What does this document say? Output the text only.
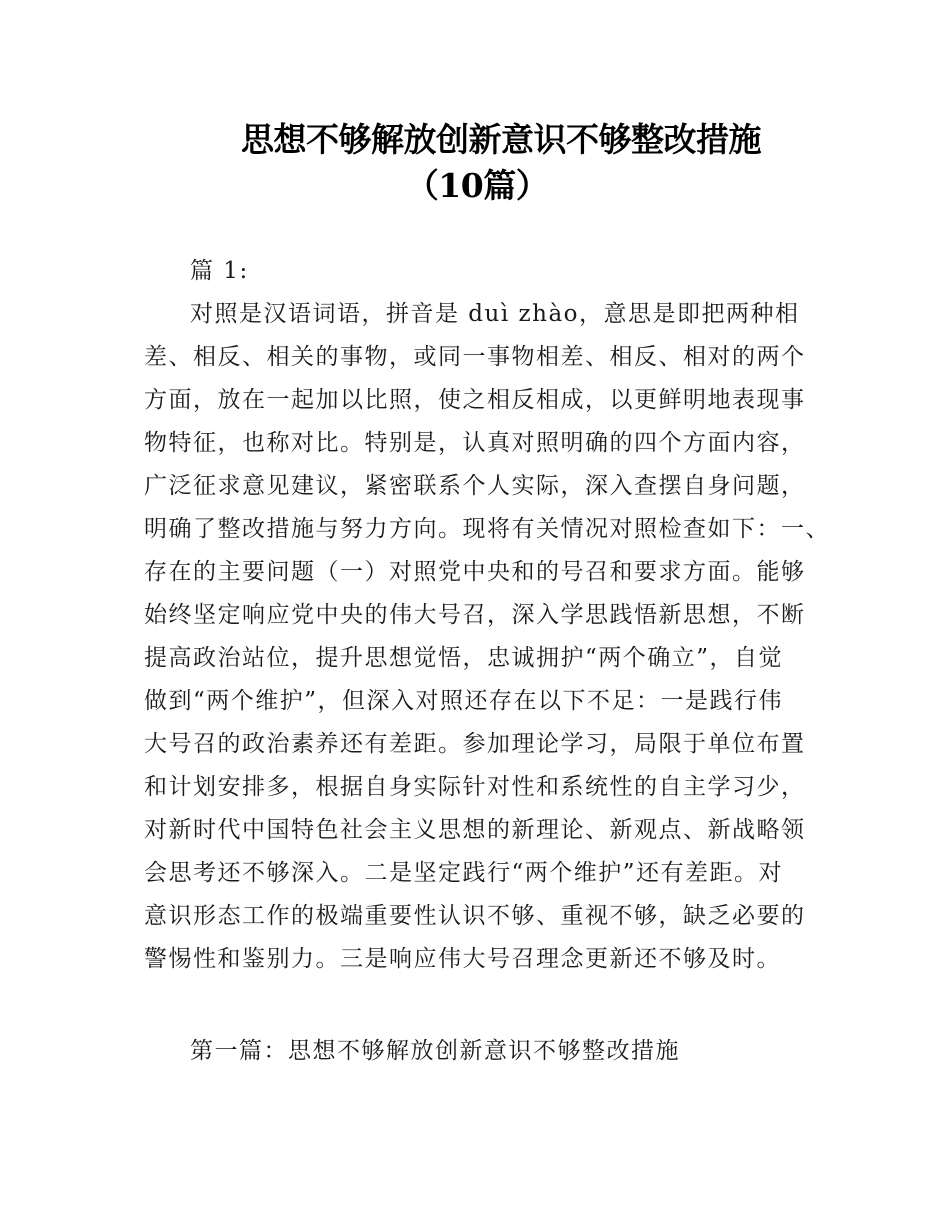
思想不够解放创新意识不够整改措施
（10篇）
篇 1:
对照是汉语词语，拼音是 duì zhào，意思是即把两种相
差、相反、相关的事物，或同一事物相差、相反、相对的两个
方面，放在一起加以比照，使之相反相成，以更鲜明地表现事
物特征，也称对比。特别是，认真对照明确的四个方面内容，
广泛征求意见建议，紧密联系个人实际，深入查摆自身问题，
明确了整改措施与努力方向。现将有关情况对照检查如下：一、
存在的主要问题（一）对照党中央和的号召和要求方面。能够
始终坚定响应党中央的伟大号召，深入学思践悟新思想，不断
提高政治站位，提升思想觉悟，忠诚拥护“两个确立”，自觉
做到“两个维护”，但深入对照还存在以下不足：一是践行伟
大号召的政治素养还有差距。参加理论学习，局限于单位布置
和计划安排多，根据自身实际针对性和系统性的自主学习少，
对新时代中国特色社会主义思想的新理论、新观点、新战略领
会思考还不够深入。二是坚定践行“两个维护”还有差距。对
意识形态工作的极端重要性认识不够、重视不够，缺乏必要的
警惕性和鉴别力。三是响应伟大号召理念更新还不够及时。
第一篇：思想不够解放创新意识不够整改措施
